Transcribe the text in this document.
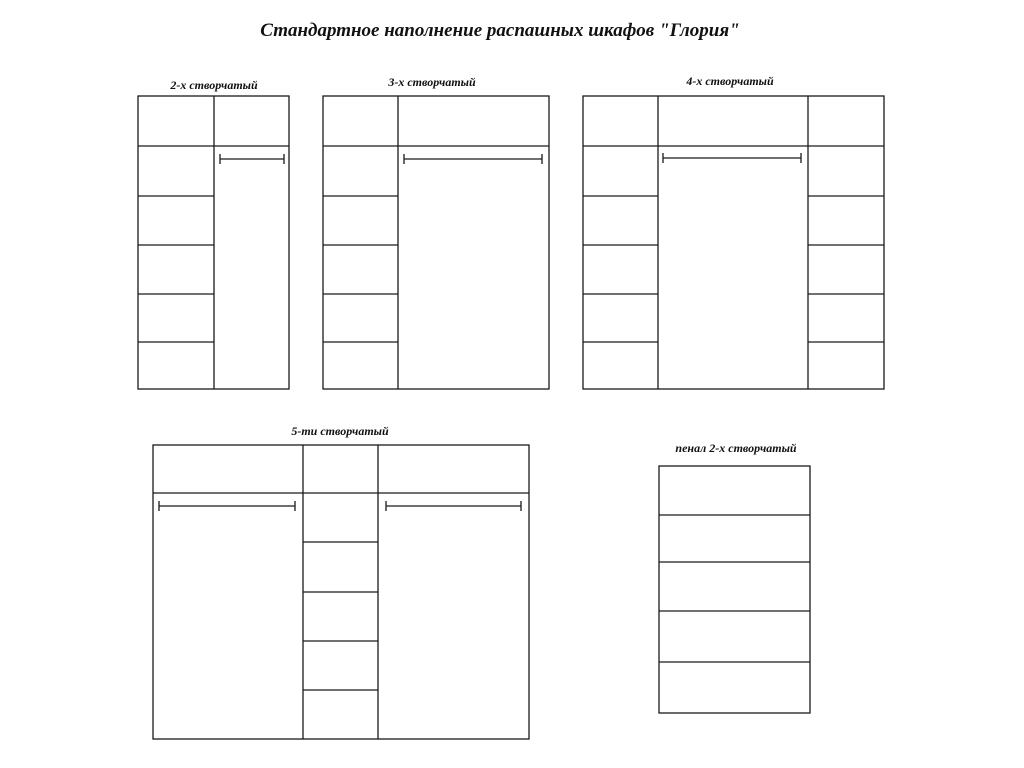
Стандартное наполнение распашных шкафов "Глория"
2-х створчатый	3-х створчатый	4-х створчатый
5-ти створчатый
пенал 2-х створчатый
